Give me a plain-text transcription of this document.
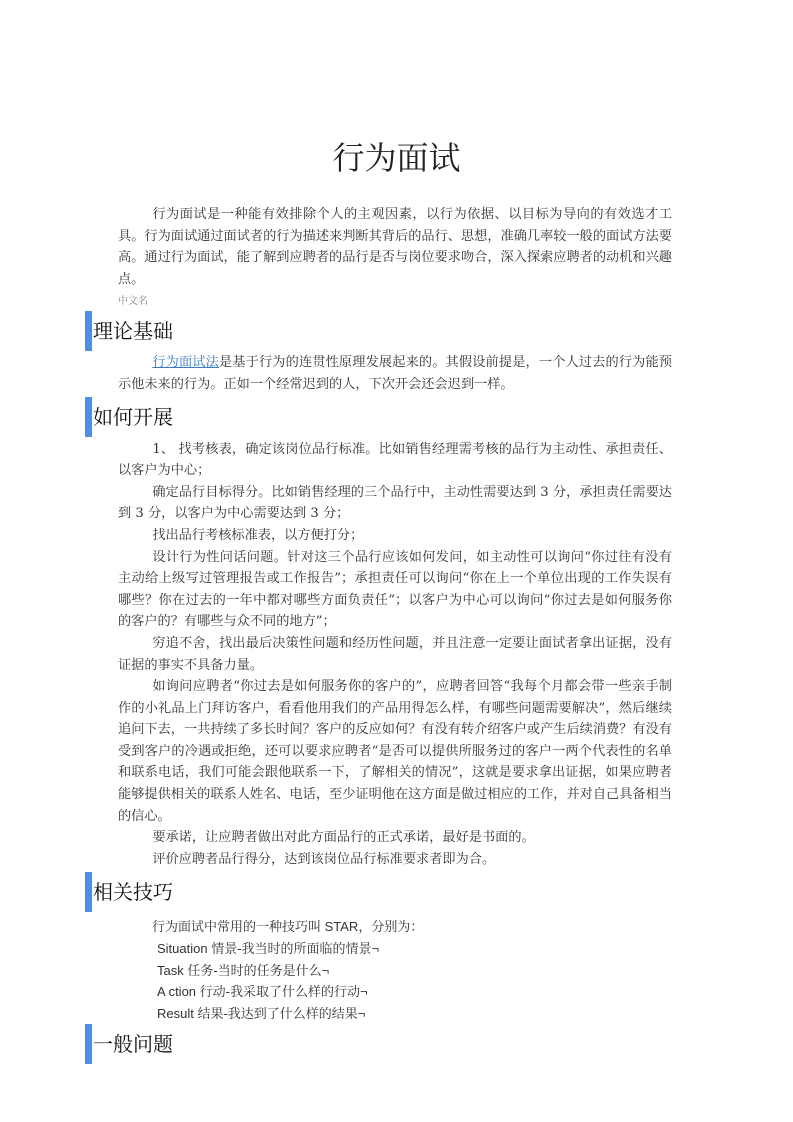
行为面试

行为面试是一种能有效排除个人的主观因素，以行为依据、以目标为导向的有效选才工具。行为面试通过面试者的行为描述来判断其背后的品行、思想，准确几率较一般的面试方法要高。通过行为面试，能了解到应聘者的品行是否与岗位要求吻合，深入探索应聘者的动机和兴趣点。

中文名
理论基础

行为面试法是基于行为的连贯性原理发展起来的。其假设前提是，一个人过去的行为能预示他未来的行为。正如一个经常迟到的人，下次开会还会迟到一样。

如何开展

1、 找考核表，确定该岗位品行标准。比如销售经理需考核的品行为主动性、承担责任、以客户为中心；

确定品行目标得分。比如销售经理的三个品行中，主动性需要达到 3 分，承担责任需要达到 3 分，以客户为中心需要达到 3 分；

找出品行考核标准表，以方便打分；

设计行为性问话问题。针对这三个品行应该如何发问，如主动性可以询问“你过往有没有主动给上级写过管理报告或工作报告”；承担责任可以询问“你在上一个单位出现的工作失误有哪些？你在过去的一年中都对哪些方面负责任”；以客户为中心可以询问“你过去是如何服务你的客户的？有哪些与众不同的地方”；

穷追不舍，找出最后决策性问题和经历性问题，并且注意一定要让面试者拿出证据，没有证据的事实不具备力量。

如询问应聘者“你过去是如何服务你的客户的”，应聘者回答“我每个月都会带一些亲手制作的小礼品上门拜访客户，看看他用我们的产品用得怎么样，有哪些问题需要解决”，然后继续追问下去，一共持续了多长时间？客户的反应如何？有没有转介绍客户或产生后续消费？有没有受到客户的冷遇或拒绝，还可以要求应聘者“是否可以提供所服务过的客户一两个代表性的名单和联系电话，我们可能会跟他联系一下，了解相关的情况”，这就是要求拿出证据，如果应聘者能够提供相关的联系人姓名、电话，至少证明他在这方面是做过相应的工作，并对自己具备相当的信心。

要承诺，让应聘者做出对此方面品行的正式承诺，最好是书面的。

评价应聘者品行得分，达到该岗位品行标准要求者即为合。

相关技巧
行为面试中常用的一种技巧叫 STAR，分别为：
Situation 情景-我当时的所面临的情景¬
Task 任务-当时的任务是什么¬
A ction 行动-我采取了什么样的行动¬
Result 结果-我达到了什么样的结果¬
一般问题
